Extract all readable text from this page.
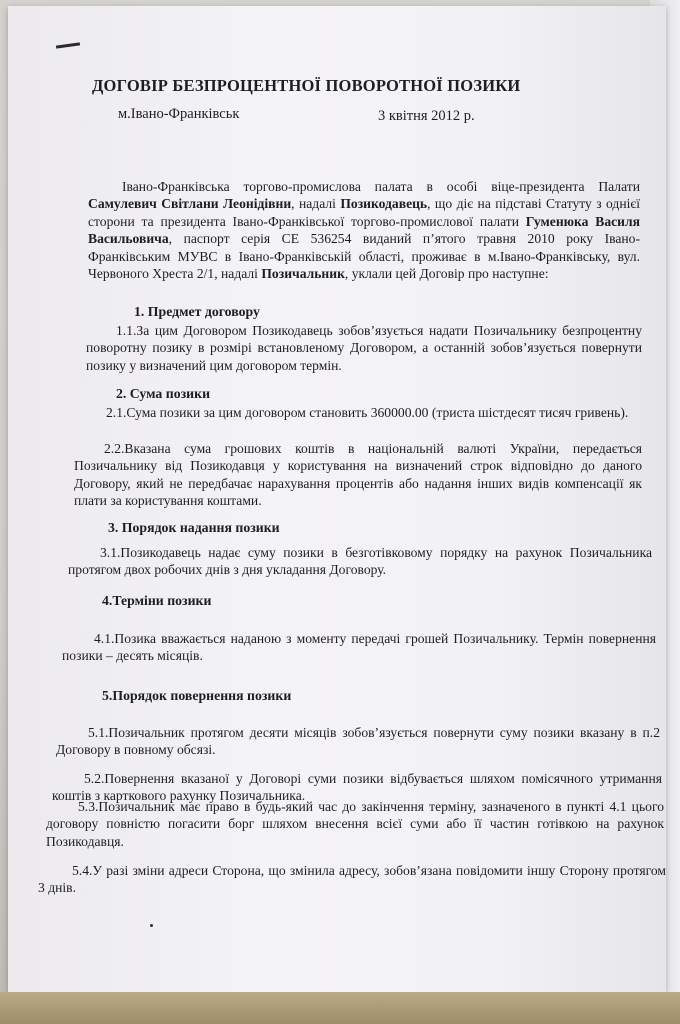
ДОГОВІР БЕЗПРОЦЕНТНОЇ ПОВОРОТНОЇ ПОЗИКИ
м.Івано-Франківськ	3 квітня 2012 р.
Івано-Франківська торгово-промислова палата в особі віце-президента Палати Самулевич Світлани Леонідівни, надалі Позикодавець, що діє на підставі Статуту з однієї сторони та президента Івано-Франківської торгово-промислової палати Гуменюка Василя Васильовича, паспорт серія СЕ 536254 виданий п’ятого травня 2010 року Івано-Франківським МУВС в Івано-Франківській області, проживає в м.Івано-Франківську, вул. Червоного Хреста 2/1, надалі Позичальник, уклали цей Договір про наступне:
1. Предмет договору
1.1.За цим Договором Позикодавець зобов’язується надати Позичальнику безпроцентну поворотну позику в розмірі встановленому Договором, а останній зобов’язується повернути позику у визначений цим договором термін.
2. Сума позики
2.1.Сума позики за цим договором становить 360000.00 (триста шістдесят тисяч гривень).
2.2.Вказана сума грошових коштів в національній валюті України, передається Позичальнику від Позикодавця у користування на визначений строк відповідно до даного Договору, який не передбачає нарахування процентів або надання інших видів компенсації як плати за користування коштами.
3. Порядок надання позики
3.1.Позикодавець надає суму позики в безготівковому порядку на рахунок Позичальника протягом двох робочих днів з дня укладання Договору.
4.Терміни позики
4.1.Позика вважається наданою з моменту передачі грошей Позичальнику. Термін повернення позики – десять місяців.
5.Порядок повернення позики
5.1.Позичальник протягом десяти місяців зобов’язується повернути суму позики вказану в п.2 Договору в повному обсязі.
5.2.Повернення вказаної у Договорі суми позики відбувається шляхом помісячного утримання коштів з карткового рахунку Позичальника.
5.3.Позичальник має право в будь-який час до закінчення терміну, зазначеного в пункті 4.1 цього договору повністю погасити борг шляхом внесення всієї суми або її частин готівкою на рахунок Позикодавця.
5.4.У разі зміни адреси Сторона, що змінила адресу, зобов’язана повідомити іншу Сторону протягом 3 днів.
